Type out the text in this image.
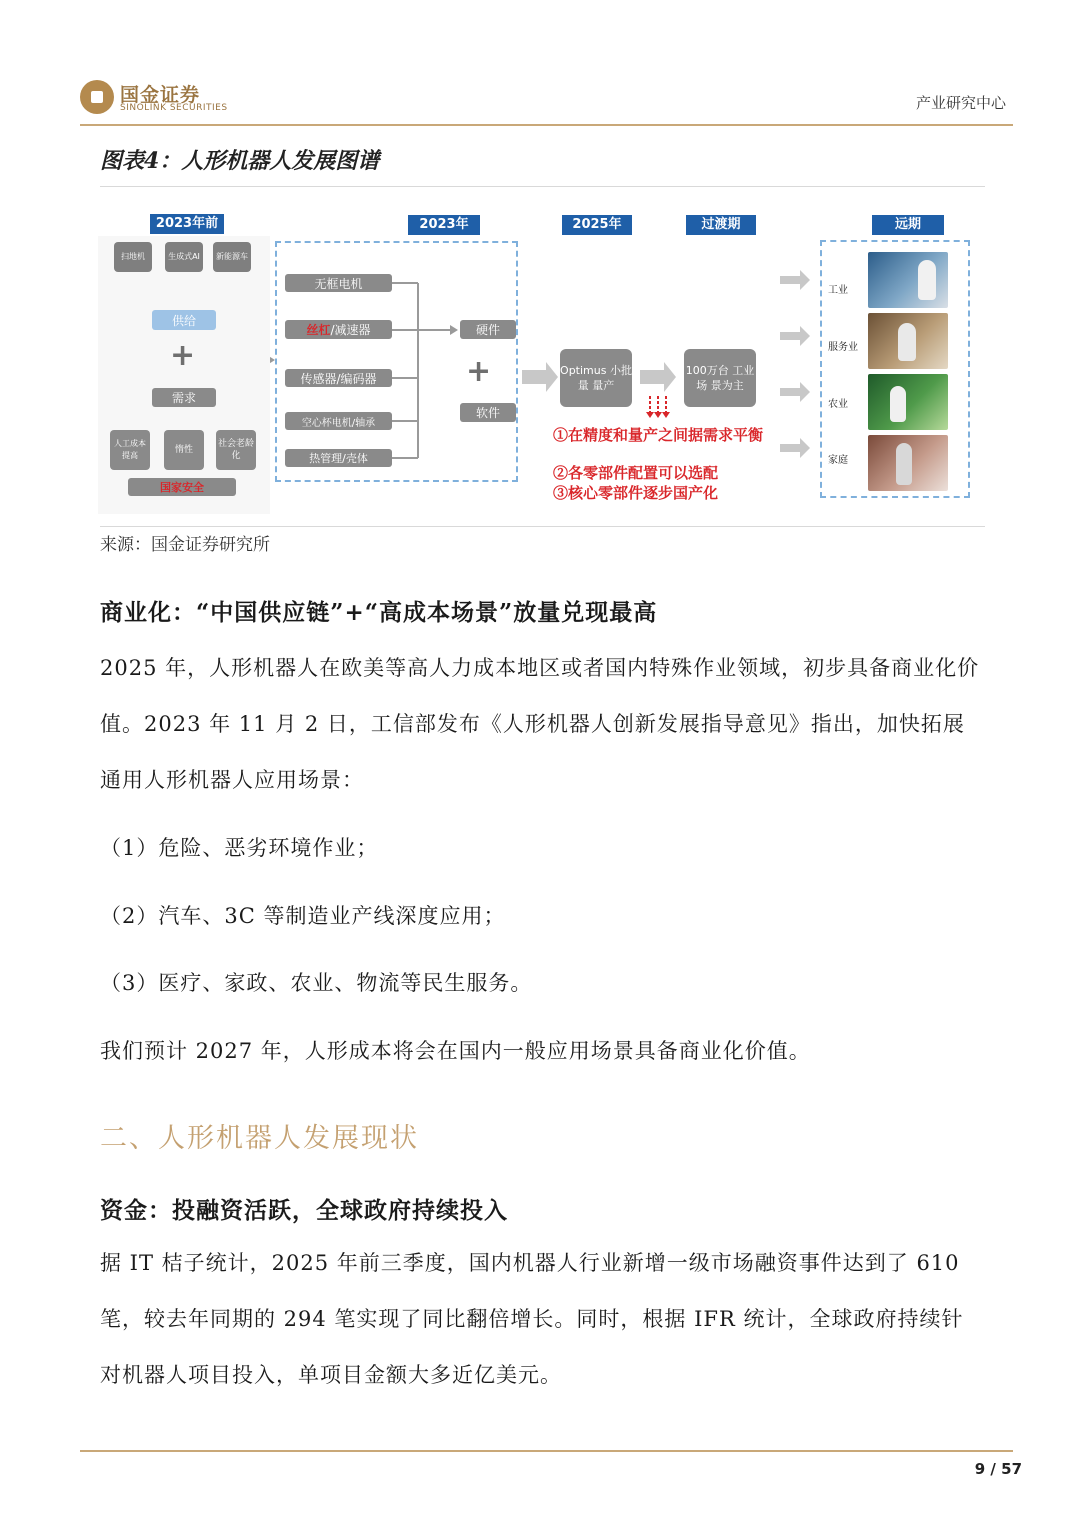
国金证券
SINOLINK SECURITIES	产业研究中心
图表4：人形机器人发展图谱
2023年前	2023年	2025年	过渡期	远期
扫地机	生成式AI	新能源车
供给
+
需求
人工成本提高
惰性
社会老龄化
国家安全
无框电机
丝杠 /减速器
传感器/编码器
空心杯电机/轴承
热管理/壳体
硬件
+
软件
Optimus 小批量 量产
100万台 工业场 景为主
①在精度和量产之间据需求平衡
②各零部件配置可以选配
③核心零部件逐步国产化
工业
服务业
农业
家庭
来源：国金证券研究所
商业化：“中国供应链”+“高成本场景”放量兑现最高
2025 年，人形机器人在欧美等高人力成本地区或者国内特殊作业领域，初步具备商业化价值。2023 年 11 月 2 日，工信部发布《人形机器人创新发展指导意见》指出，加快拓展通用人形机器人应用场景：
（1）危险、恶劣环境作业；
（2）汽车、3C 等制造业产线深度应用；
（3）医疗、家政、农业、物流等民生服务。
我们预计 2027 年，人形成本将会在国内一般应用场景具备商业化价值。
二、人形机器人发展现状
资金：投融资活跃，全球政府持续投入
据 IT 桔子统计，2025 年前三季度，国内机器人行业新增一级市场融资事件达到了 610 笔，较去年同期的 294 笔实现了同比翻倍增长。同时，根据 IFR 统计，全球政府持续针对机器人项目投入，单项目金额大多近亿美元。
9 / 57
